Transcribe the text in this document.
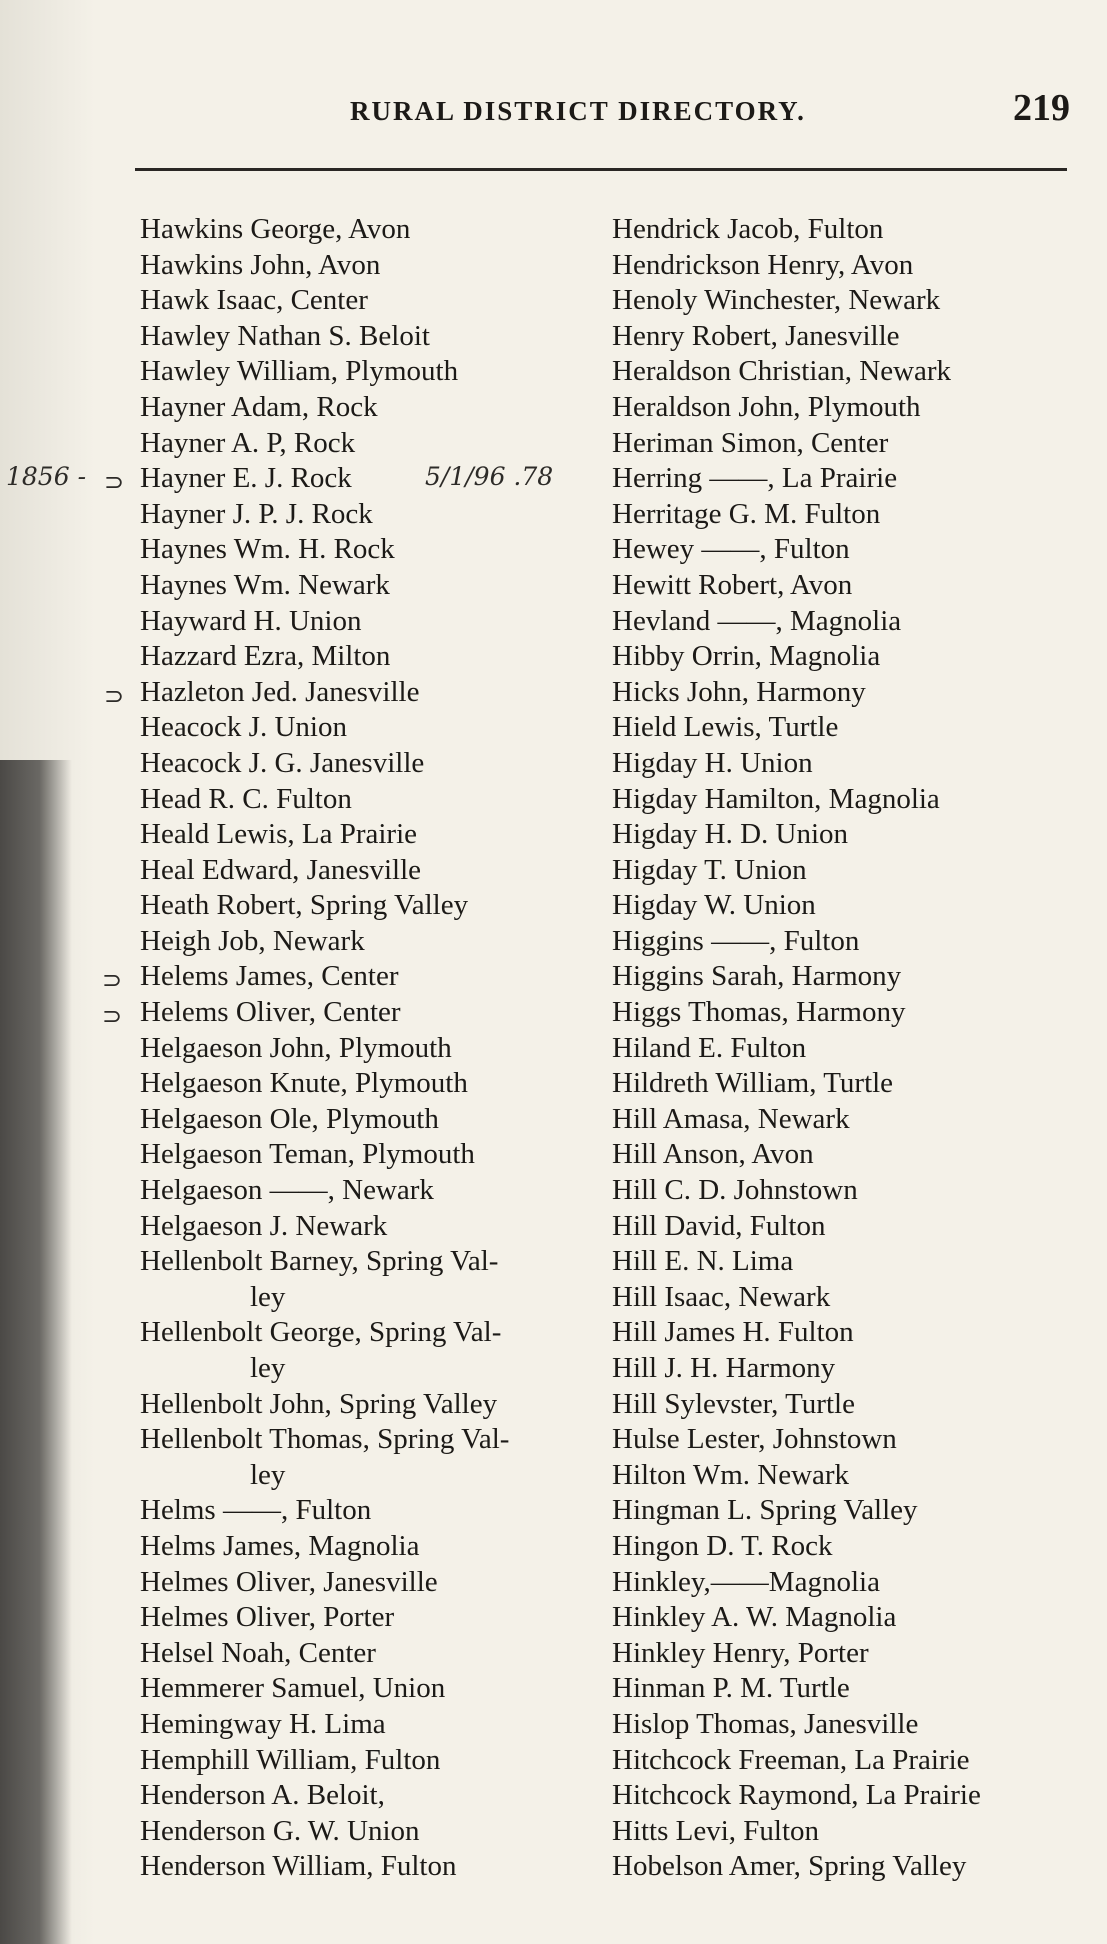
RURAL DISTRICT DIRECTORY.	219
1856 -	5/1/96 .78
⊃
⊃
⊃
⊃
Hawkins George, Avon
Hawkins John, Avon
Hawk Isaac, Center
Hawley Nathan S. Beloit
Hawley William, Plymouth
Hayner Adam, Rock
Hayner A. P, Rock
Hayner E. J. Rock
Hayner J. P. J. Rock
Haynes Wm. H. Rock
Haynes Wm. Newark
Hayward H. Union
Hazzard Ezra, Milton
Hazleton Jed. Janesville
Heacock J. Union
Heacock J. G. Janesville
Head R. C. Fulton
Heald Lewis, La Prairie
Heal Edward, Janesville
Heath Robert, Spring Valley
Heigh Job, Newark
Helems James, Center
Helems Oliver, Center
Helgaeson John, Plymouth
Helgaeson Knute, Plymouth
Helgaeson Ole, Plymouth
Helgaeson Teman, Plymouth
Helgaeson ——, Newark
Helgaeson J. Newark
Hellenbolt Barney, Spring Val-
ley
Hellenbolt George, Spring Val-
ley
Hellenbolt John, Spring Valley
Hellenbolt Thomas, Spring Val-
ley
Helms ——, Fulton
Helms James, Magnolia
Helmes Oliver, Janesville
Helmes Oliver, Porter
Helsel Noah, Center
Hemmerer Samuel, Union
Hemingway H. Lima
Hemphill William, Fulton
Henderson A. Beloit,
Henderson G. W. Union
Henderson William, Fulton
Hendrick Jacob, Fulton
Hendrickson Henry, Avon
Henoly Winchester, Newark
Henry Robert, Janesville
Heraldson Christian, Newark
Heraldson John, Plymouth
Heriman Simon, Center
Herring ——, La Prairie
Herritage G. M. Fulton
Hewey ——, Fulton
Hewitt Robert, Avon
Hevland ——, Magnolia
Hibby Orrin, Magnolia
Hicks John, Harmony
Hield Lewis, Turtle
Higday H. Union
Higday Hamilton, Magnolia
Higday H. D. Union
Higday T. Union
Higday W. Union
Higgins ——, Fulton
Higgins Sarah, Harmony
Higgs Thomas, Harmony
Hiland E. Fulton
Hildreth William, Turtle
Hill Amasa, Newark
Hill Anson, Avon
Hill C. D. Johnstown
Hill David, Fulton
Hill E. N. Lima
Hill Isaac, Newark
Hill James H. Fulton
Hill J. H. Harmony
Hill Sylevster, Turtle
Hulse Lester, Johnstown
Hilton Wm. Newark
Hingman L. Spring Valley
Hingon D. T. Rock
Hinkley,——Magnolia
Hinkley A. W. Magnolia
Hinkley Henry, Porter
Hinman P. M. Turtle
Hislop Thomas, Janesville
Hitchcock Freeman, La Prairie
Hitchcock Raymond, La Prairie
Hitts Levi, Fulton
Hobelson Amer, Spring Valley
